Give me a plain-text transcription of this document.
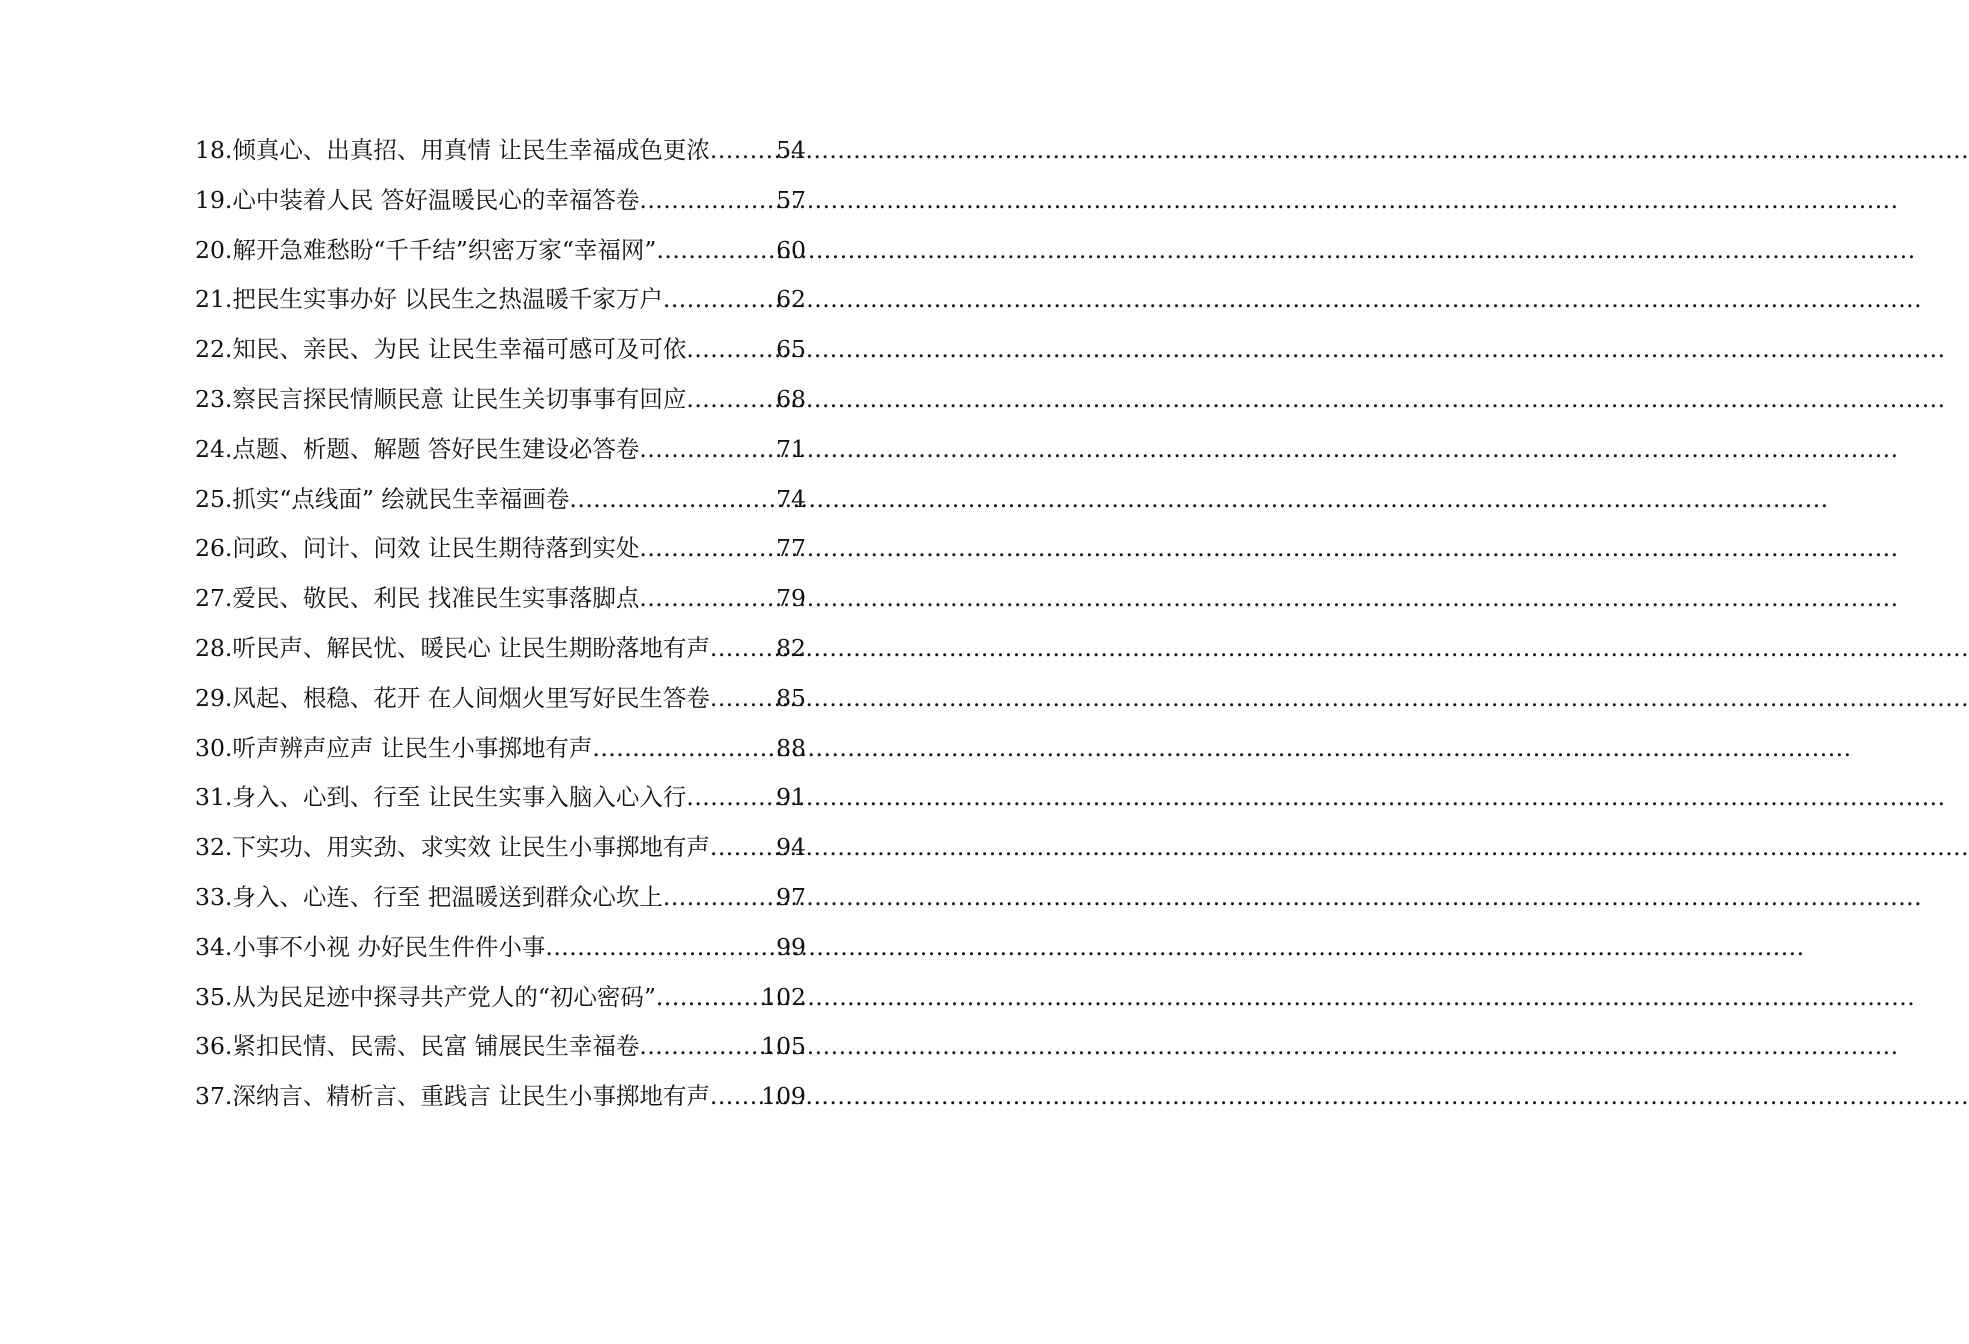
18.倾真心、出真招、用真情 让民生幸福成色更浓 .....	54
19.心中装着人民 答好温暖民心的幸福答卷 .....	57
20.解开急难愁盼“千千结”织密万家“幸福网” .....	60
21.把民生实事办好 以民生之热温暖千家万户 .....	62
22.知民、亲民、为民 让民生幸福可感可及可依 .....	65
23.察民言探民情顺民意 让民生关切事事有回应 .....	68
24.点题、析题、解题 答好民生建设必答卷 .....	71
25.抓实“点线面” 绘就民生幸福画卷 .....	74
26.问政、问计、问效 让民生期待落到实处 .....	77
27.爱民、敬民、利民 找准民生实事落脚点 .....	79
28.听民声、解民忧、暖民心 让民生期盼落地有声 .....	82
29.风起、根稳、花开 在人间烟火里写好民生答卷 .....	85
30.听声辨声应声 让民生小事掷地有声 .....	88
31.身入、心到、行至 让民生实事入脑入心入行 .....	91
32.下实功、用实劲、求实效 让民生小事掷地有声 .....	94
33.身入、心连、行至 把温暖送到群众心坎上 .....	97
34.小事不小视 办好民生件件小事 .....	99
35.从为民足迹中探寻共产党人的“初心密码” .....	102
36.紧扣民情、民需、民富 铺展民生幸福卷 .....	105
37.深纳言、精析言、重践言 让民生小事掷地有声 ..... 109
